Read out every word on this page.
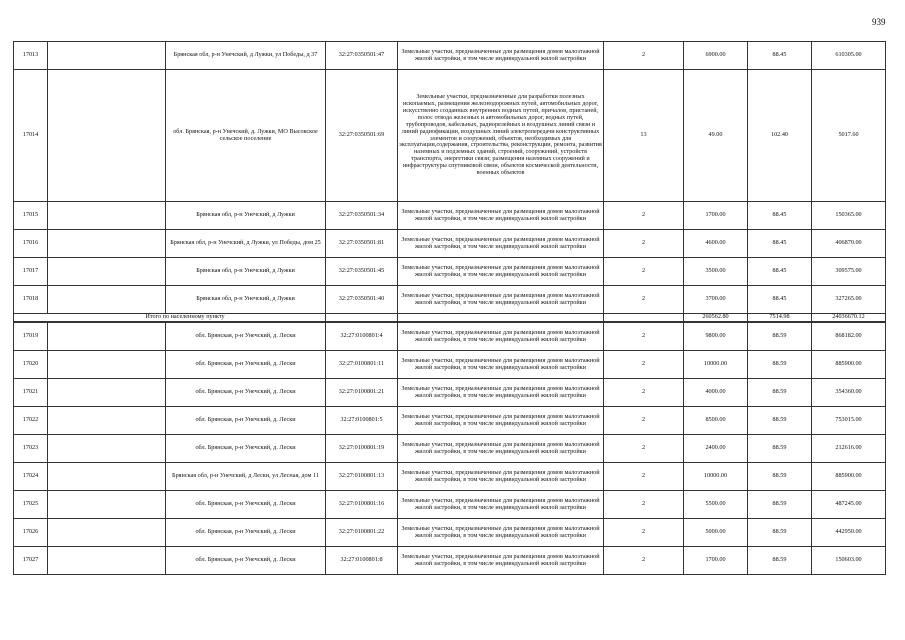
939
17013		Брянская обл, р-н Унечский, д Лужки, ул Победы, д 37	32:27:0350501:47	Земельные участки, предназначенные для размещения домов малоэтажной жилой застройки, в том числе индивидуальной жилой застройки	2	6900.00	88.45	610305.00
17014		обл. Брянская, р-н Унечский, д. Лужки, МО Высокское сельское поселение	32:27:0350501:69	Земельные участки, предназначенные для разработки полезных ископаемых, размещения железнодорожных путей, автомобильных дорог, искусственно созданных внутренних водных путей, причалов, пристаней, полос отвода железных и автомобильных дорог, водных путей, трубопроводов, кабельных, радиорелейных и воздушных линий связи и линий радиофикации, воздушных линий электропередачи конструктивных элементов и сооружений, объектов, необходимых для эксплуатации,содержания, строительства, реконструкции, ремонта, развития наземных и подземных зданий, строений, сооружений, устройств транспорта, энергетики связи; размещения наземных сооружений и инфраструктуры спутниковой связи, объектов космической деятельности, военных объектов	13	49.00	102.40	5017.60
17015		Брянская обл, р-н Унечский, д Лужки	32:27:0350501:34	Земельные участки, предназначенные для размещения домов малоэтажной жилой застройки, в том числе индивидуальной жилой застройки	2	1700.00	88.45	150365.00
17016		Брянская обл, р-н Унечский, д Лужки, ул Победы, дом 25	32:27:0350501:81	Земельные участки, предназначенные для размещения домов малоэтажной жилой застройки, в том числе индивидуальной жилой застройки	2	4600.00	88.45	406870.00
17017		Брянская обл, р-н Унечский, д Лужки	32:27:0350501:45	Земельные участки, предназначенные для размещения домов малоэтажной жилой застройки, в том числе индивидуальной жилой застройки	2	3500.00	88.45	309575.00
17018		Брянская обл, р-н Унечский, д Лужки	32:27:0350501:40	Земельные участки, предназначенные для размещения домов малоэтажной жилой застройки, в том числе индивидуальной жилой застройки	2	3700.00	88.45	327265.00
Итого по населенному пункту						260562.80	7514.98	24036670.12

17019		обл. Брянская, р-н Унечский, д. Лески	32:27:0100801:4	Земельные участки, предназначенные для размещения домов малоэтажной жилой застройки, в том числе индивидуальной жилой застройки	2	9800.00	88.59	868182.00
17020		обл. Брянская, р-н Унечский, д. Лески	32:27:0100801:11	Земельные участки, предназначенные для размещения домов малоэтажной жилой застройки, в том числе индивидуальной жилой застройки	2	10000.00	88.59	885900.00
17021		обл. Брянская, р-н Унечский, д. Лески	32:27:0100801:21	Земельные участки, предназначенные для размещения домов малоэтажной жилой застройки, в том числе индивидуальной жилой застройки	2	4000.00	88.59	354360.00
17022		обл. Брянская, р-н Унечский, д. Лески	32:27:0100801:5	Земельные участки, предназначенные для размещения домов малоэтажной жилой застройки, в том числе индивидуальной жилой застройки	2	8500.00	88.59	753015.00
17023		обл. Брянская, р-н Унечский, д. Лески	32:27:0100801:19	Земельные участки, предназначенные для размещения домов малоэтажной жилой застройки, в том числе индивидуальной жилой застройки	2	2400.00	88.59	212616.00
17024		Брянская обл, р-н Унечский, д Лески, ул Лесная, дом 11	32:27:0100801:13	Земельные участки, предназначенные для размещения домов малоэтажной жилой застройки, в том числе индивидуальной жилой застройки	2	10000.00	88.59	885900.00
17025		обл. Брянская, р-н Унечский, д. Лески	32:27:0100801:16	Земельные участки, предназначенные для размещения домов малоэтажной жилой застройки, в том числе индивидуальной жилой застройки	2	5500.00	88.59	487245.00
17026		обл. Брянская, р-н Унечский, д. Лески	32:27:0100801:22	Земельные участки, предназначенные для размещения домов малоэтажной жилой застройки, в том числе индивидуальной жилой застройки	2	5000.00	88.59	442950.00
17027		обл. Брянская, р-н Унечский, д. Лески	32:27:0100801:8	Земельные участки, предназначенные для размещения домов малоэтажной жилой застройки, в том числе индивидуальной жилой застройки	2	1700.00	88.59	150603.00
